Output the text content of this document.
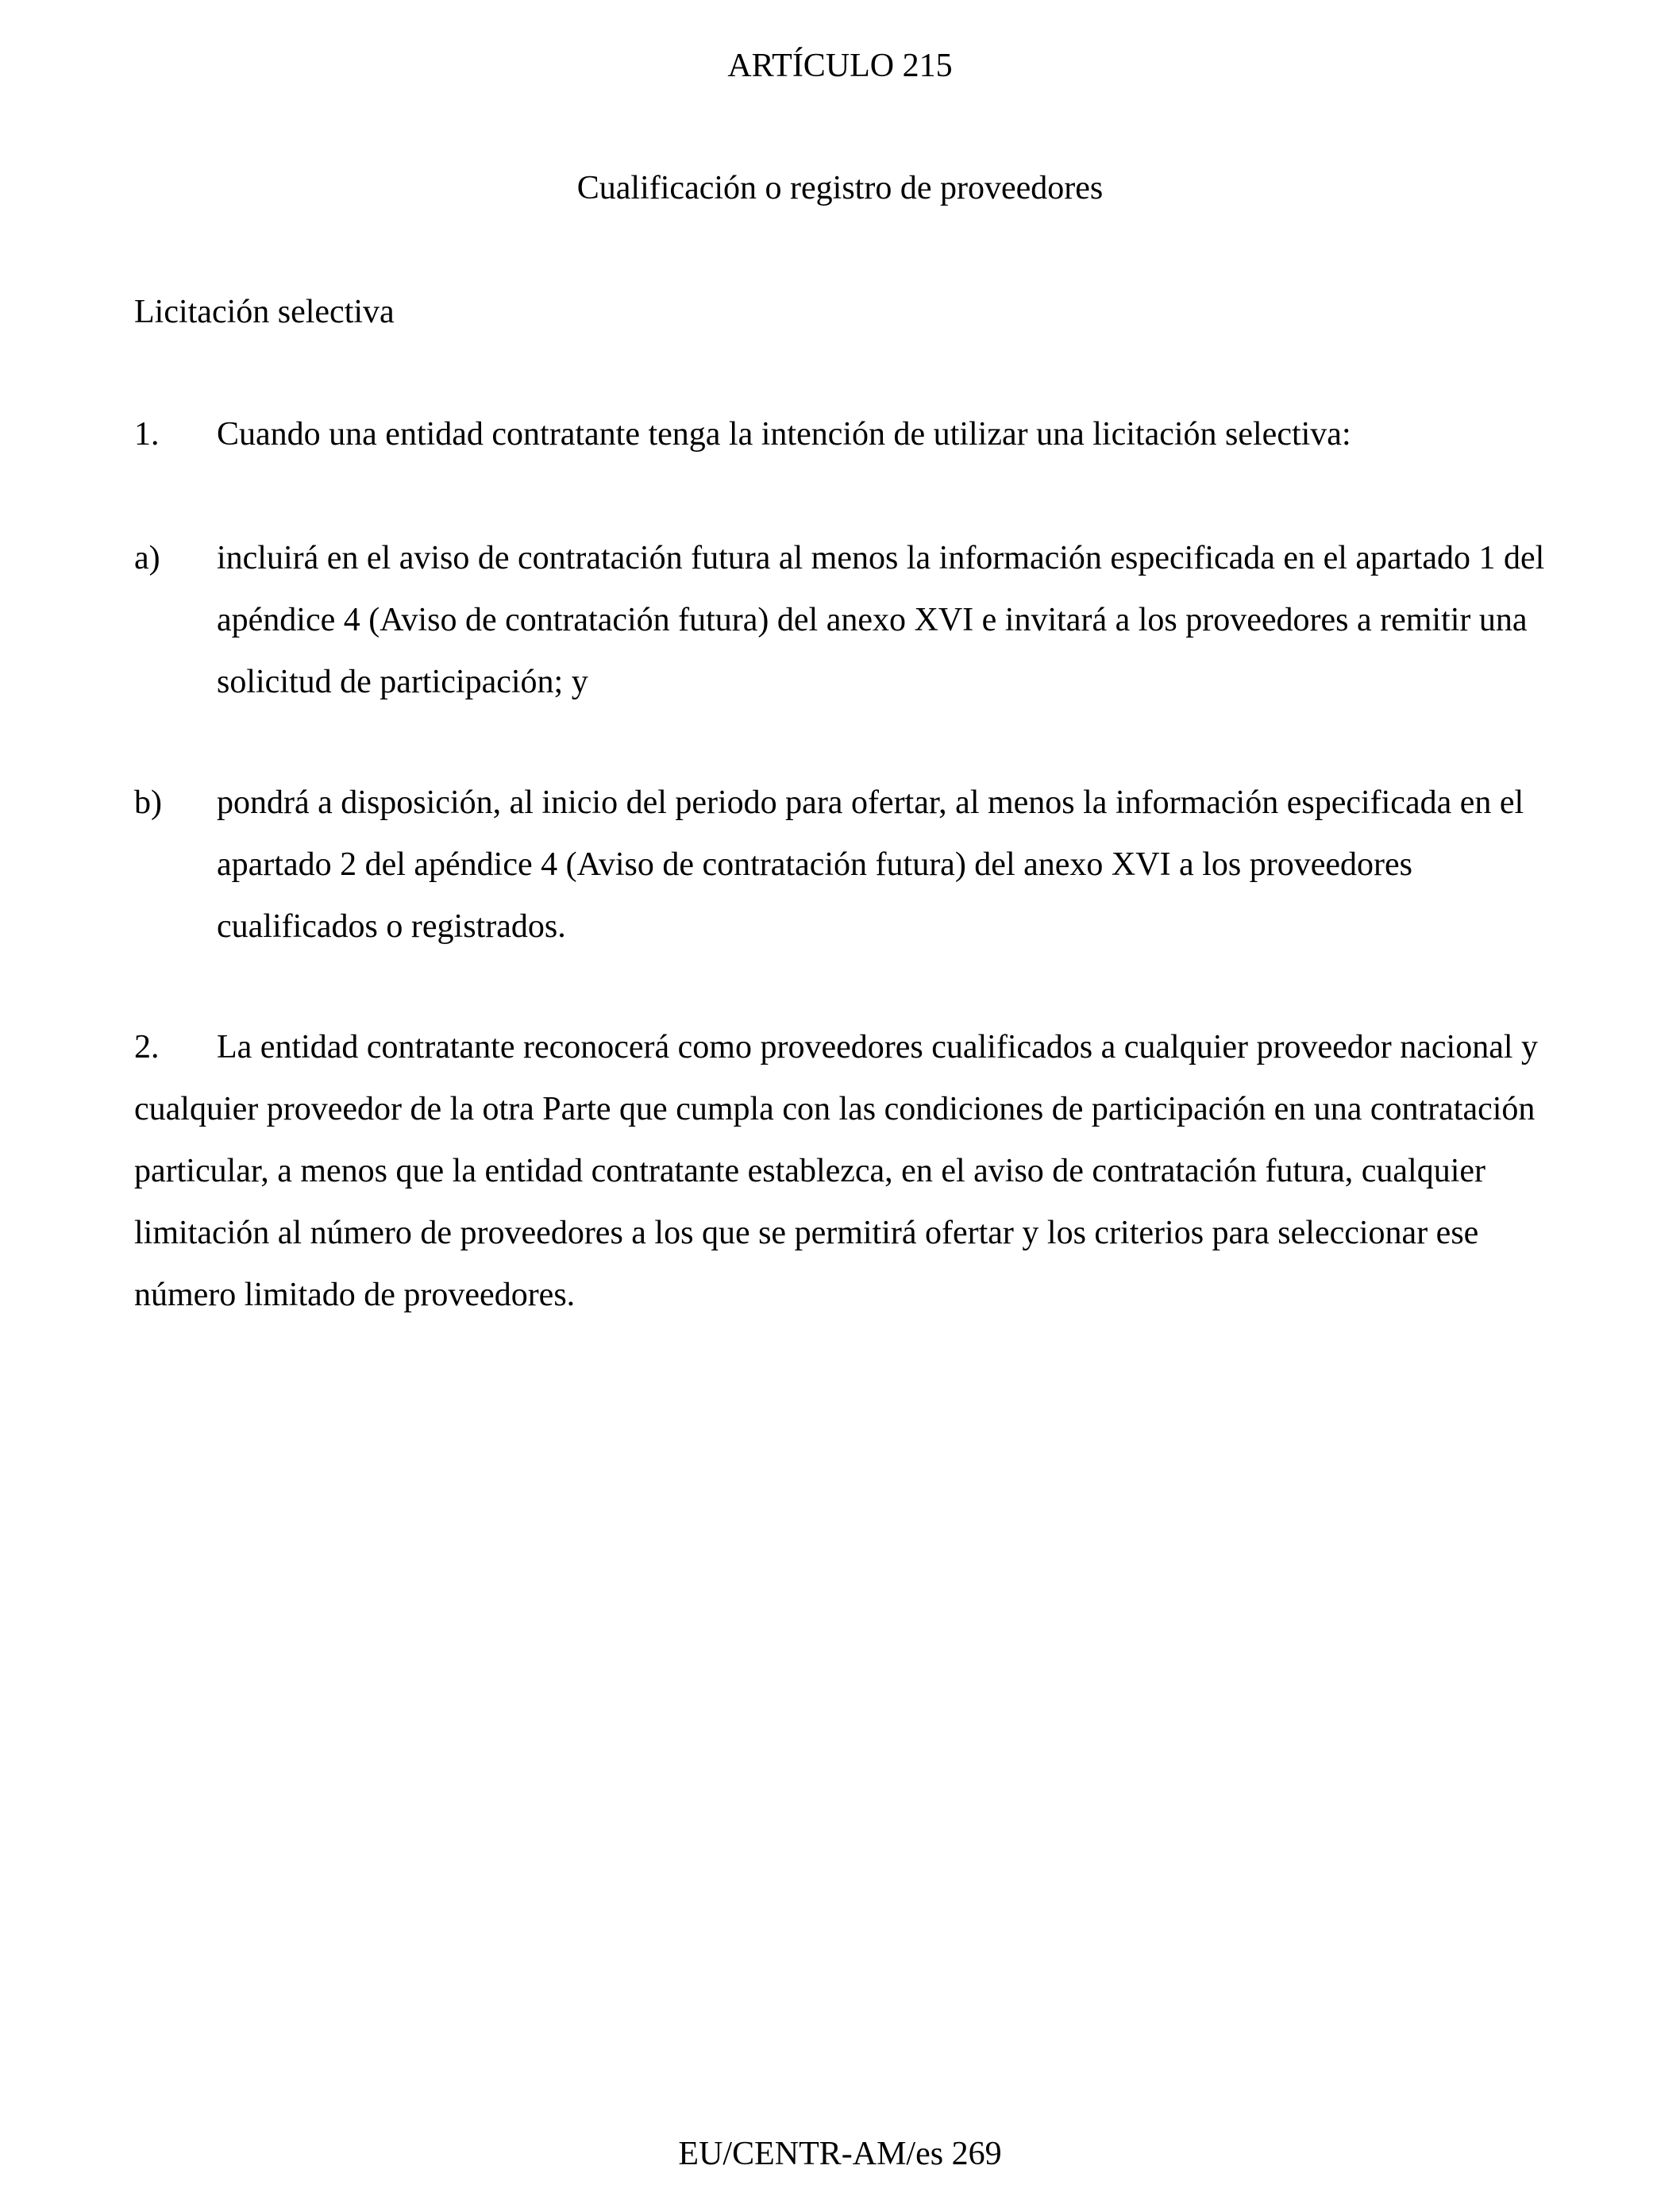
ARTÍCULO 215
Cualificación o registro de proveedores
Licitación selectiva
1. Cuando una entidad contratante tenga la intención de utilizar una licitación selectiva:
a) incluirá en el aviso de contratación futura al menos la información especificada en el apartado 1 del apéndice 4 (Aviso de contratación futura) del anexo XVI e invitará a los proveedores a remitir una solicitud de participación; y
b) pondrá a disposición, al inicio del periodo para ofertar, al menos la información especificada en el apartado 2 del apéndice 4 (Aviso de contratación futura) del anexo XVI a los proveedores cualificados o registrados.

2. La entidad contratante reconocerá como proveedores cualificados a cualquier proveedor nacional y cualquier proveedor de la otra Parte que cumpla con las condiciones de participación en una contratación particular, a menos que la entidad contratante establezca, en el aviso de contratación futura, cualquier limitación al número de proveedores a los que se permitirá ofertar y los criterios para seleccionar ese número limitado de proveedores.

EU/CENTR-AM/es 269
